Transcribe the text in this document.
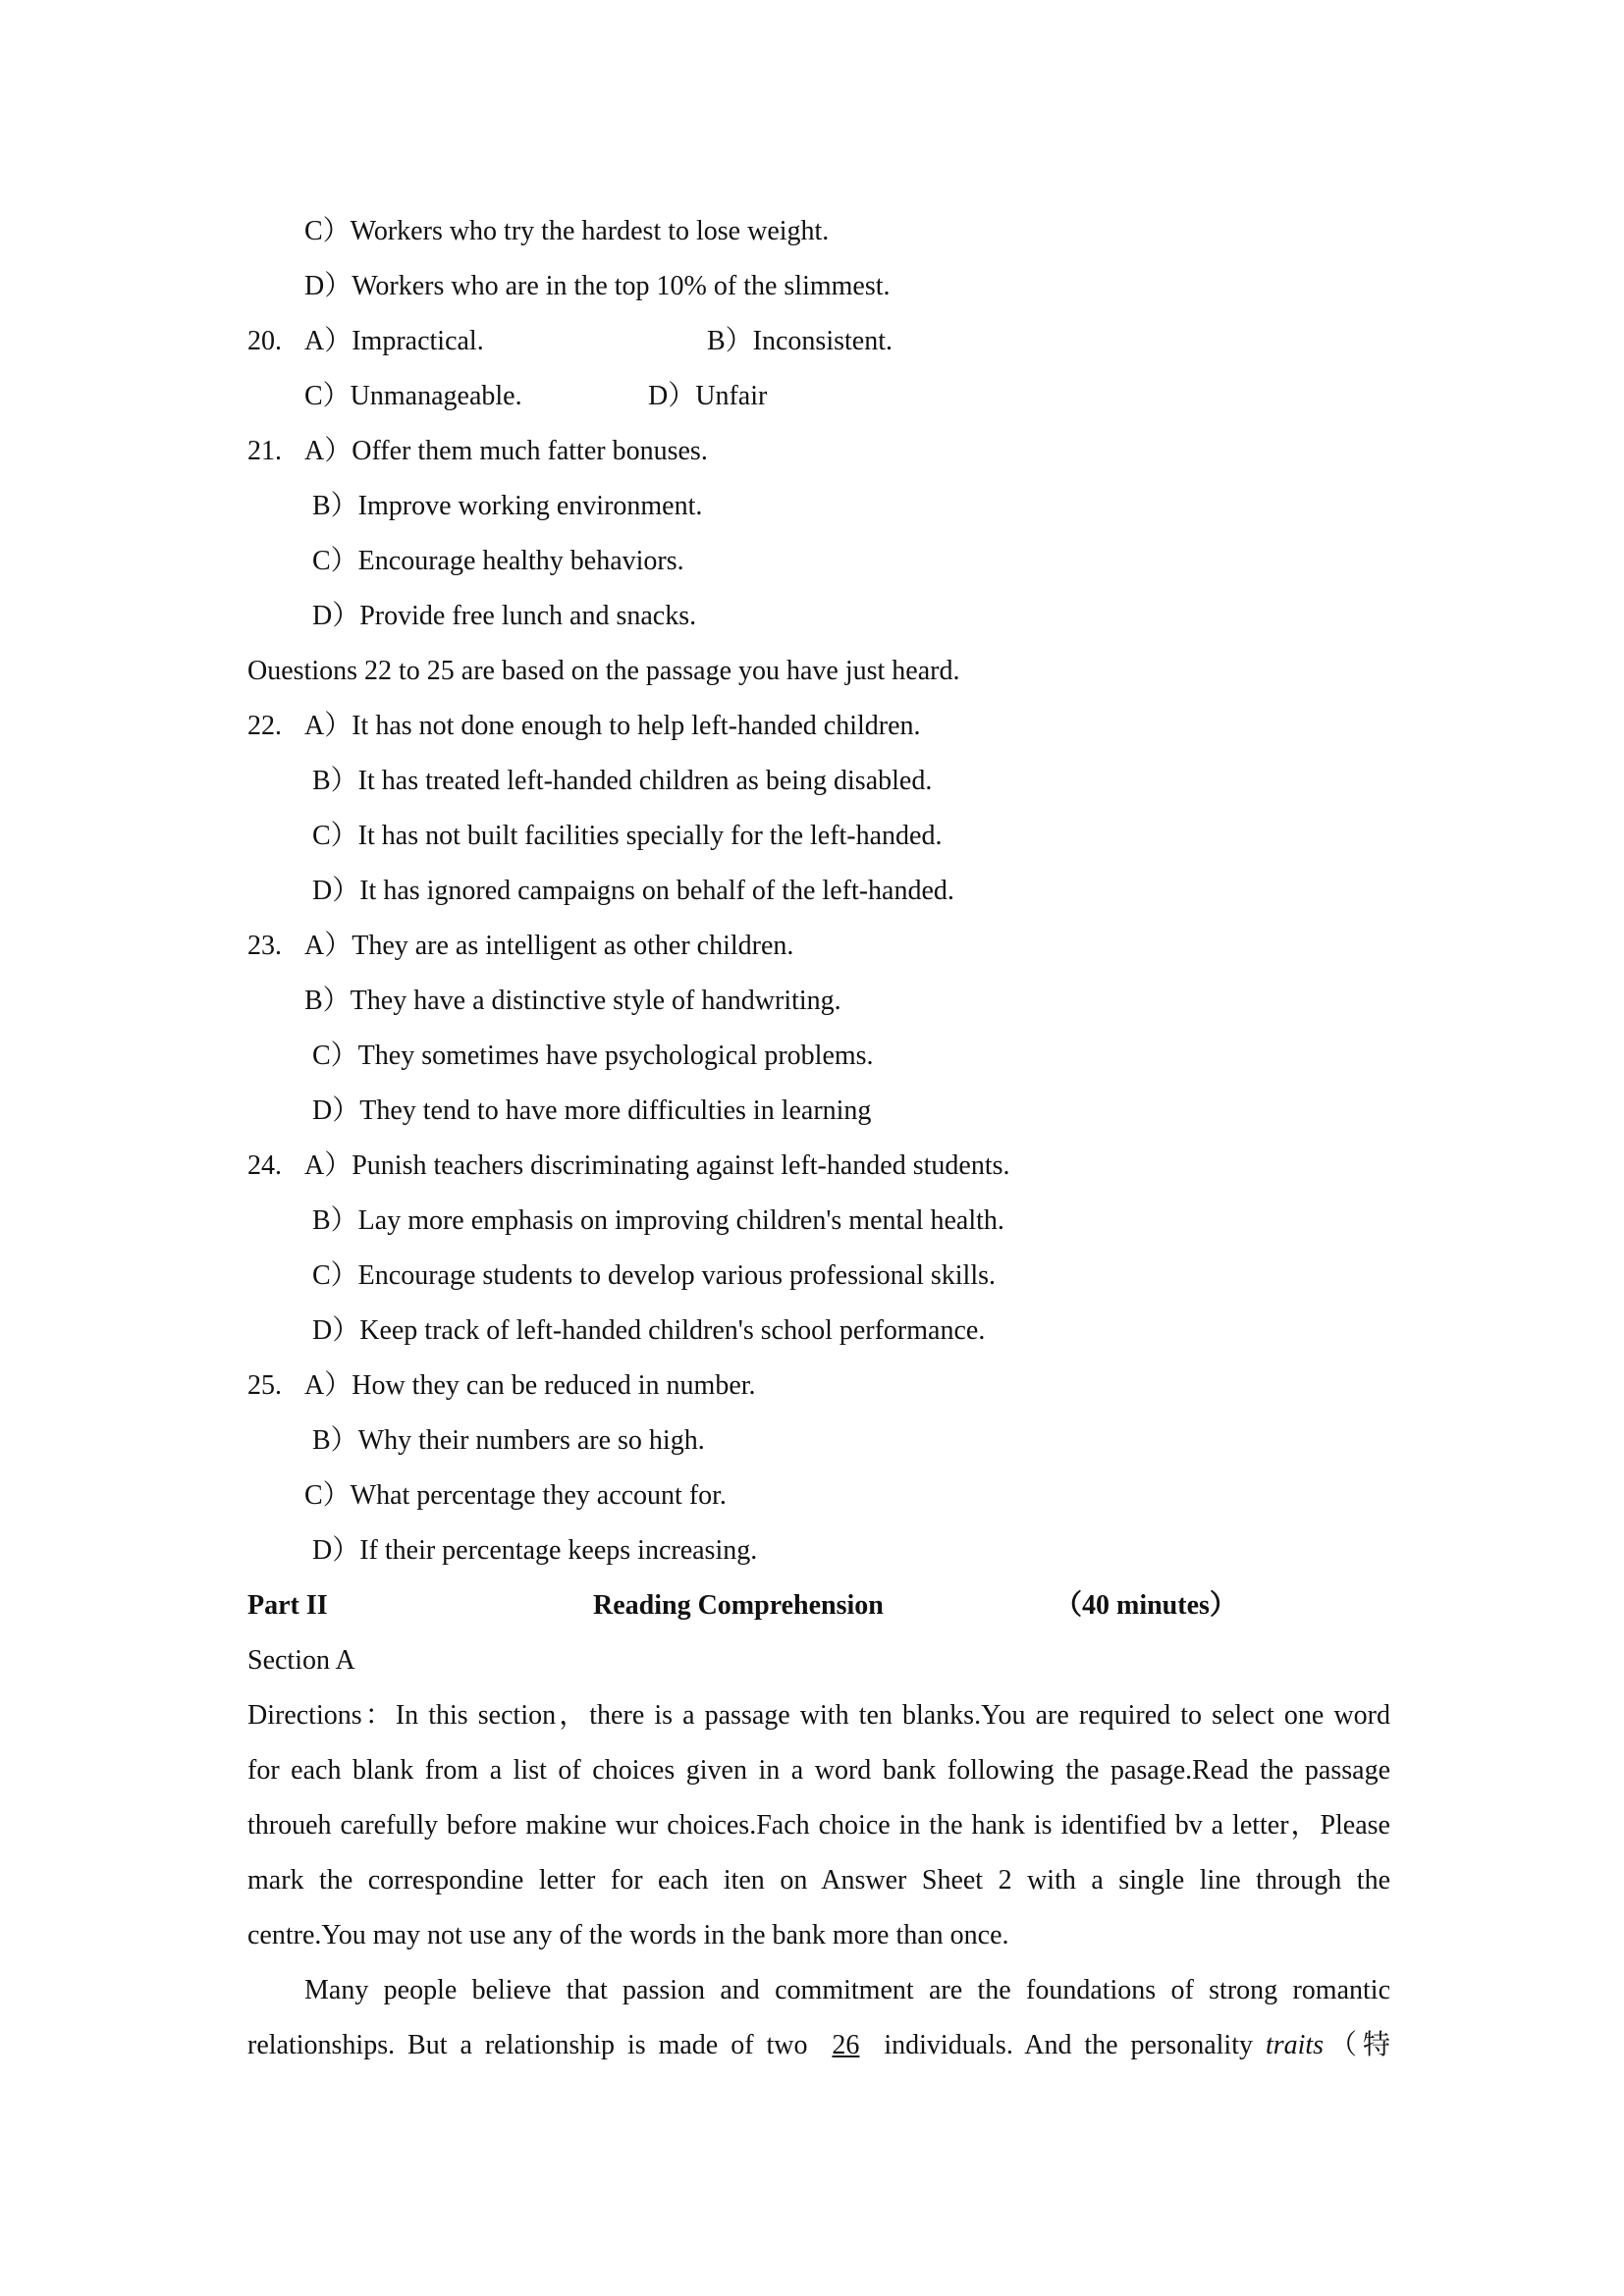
C）Workers who try the hardest to lose weight.
D）Workers who are in the top 10% of the slimmest.
20. A）Impractical.	B）Inconsistent.
C）Unmanageable.	D）Unfair
21. A）Offer them much fatter bonuses.
B）Improve working environment.
C）Encourage healthy behaviors.
D）Provide free lunch and snacks.
Ouestions 22 to 25 are based on the passage you have just heard.
22. A）It has not done enough to help left-handed children.
B）It has treated left-handed children as being disabled.
C）It has not built facilities specially for the left-handed.
D）It has ignored campaigns on behalf of the left-handed.
23. A）They are as intelligent as other children.
B）They have a distinctive style of handwriting.
C）They sometimes have psychological problems.
D）They tend to have more difficulties in learning
24. A）Punish teachers discriminating against left-handed students.
B）Lay more emphasis on improving children's mental health.
C）Encourage students to develop various professional skills.
D）Keep track of left-handed children's school performance.
25. A）How they can be reduced in number.
B）Why their numbers are so high.
C）What percentage they account for.
D）If their percentage keeps increasing.
Part II	Reading Comprehension	（40 minutes）
Section A
Directions：In this section，there is a passage with ten blanks.You are required to select one word
for each blank from a list of choices given in a word bank following the pasage.Read the passage
throueh carefully before makine wur choices.Fach choice in the hank is identified bv a letter，Please
mark the correspondine letter for each iten on Answer Sheet 2 with a single line through the
centre.You may not use any of the words in the bank more than once.
Many people believe that passion and commitment are the foundations of strong romantic
relationships. But a relationship is made of two 26 individuals. And the personality traits（特
